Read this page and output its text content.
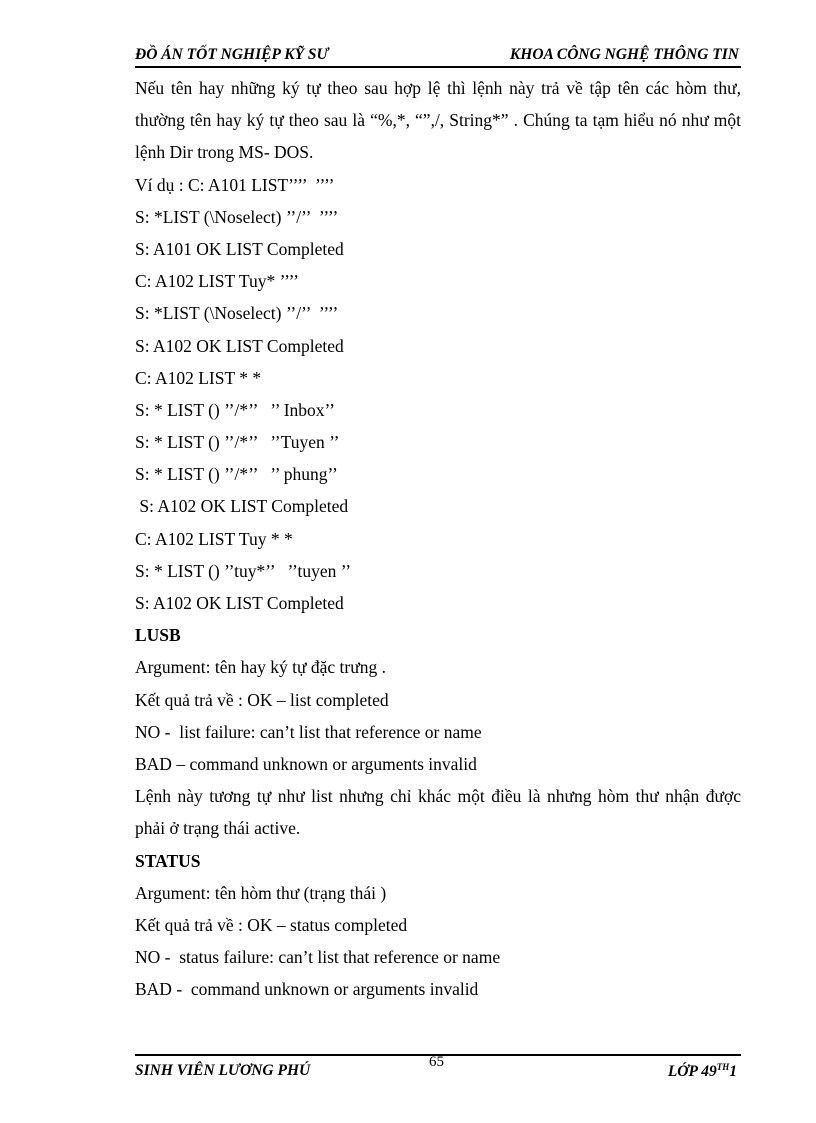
ĐỒ ÁN TỐT NGHIỆP KỸ SƯ	KHOA CÔNG NGHỆ THÔNG TIN
Nếu tên hay những ký tự theo sau hợp lệ thì lệnh này trả về tập tên các hòm thư, thường tên hay ký tự theo sau là “%,*, “”,/, String*” . Chúng ta tạm hiểu nó như một lệnh Dir trong MS- DOS.
Ví dụ : C: A101 LIST’’’’  ’’’’
S: *LIST (\Noselect) ’’/’’  ’’’’
S: A101 OK LIST Completed
C: A102 LIST Tuy* ’’’’
S: *LIST (\Noselect) ’’/’’  ’’’’
S: A102 OK LIST Completed
C: A102 LIST * *
S: * LIST () ’’/*’’   ’’ Inbox’’
S: * LIST () ’’/*’’   ’’Tuyen ’’
S: * LIST () ’’/*’’   ’’ phung’’
S: A102 OK LIST Completed
C: A102 LIST Tuy * *
S: * LIST () ’’tuy*’’   ’’tuyen ’’
S: A102 OK LIST Completed
LUSB
Argument: tên hay ký tự đặc trưng .
Kết quả trả về : OK – list completed
NO -  list failure: can’t list that reference or name
BAD – command unknown or arguments invalid
Lệnh này tương tự như list nhưng chỉ khác một điều là nhưng hòm thư nhận được phải ở trạng thái active.
STATUS
Argument: tên hòm thư (trạng thái )
Kết quả trả về : OK – status completed
NO -  status failure: can’t list that reference or name
BAD -  command unknown or arguments invalid
SINH VIÊN LƯƠNG PHÚ	65
LỚP 49TH1
